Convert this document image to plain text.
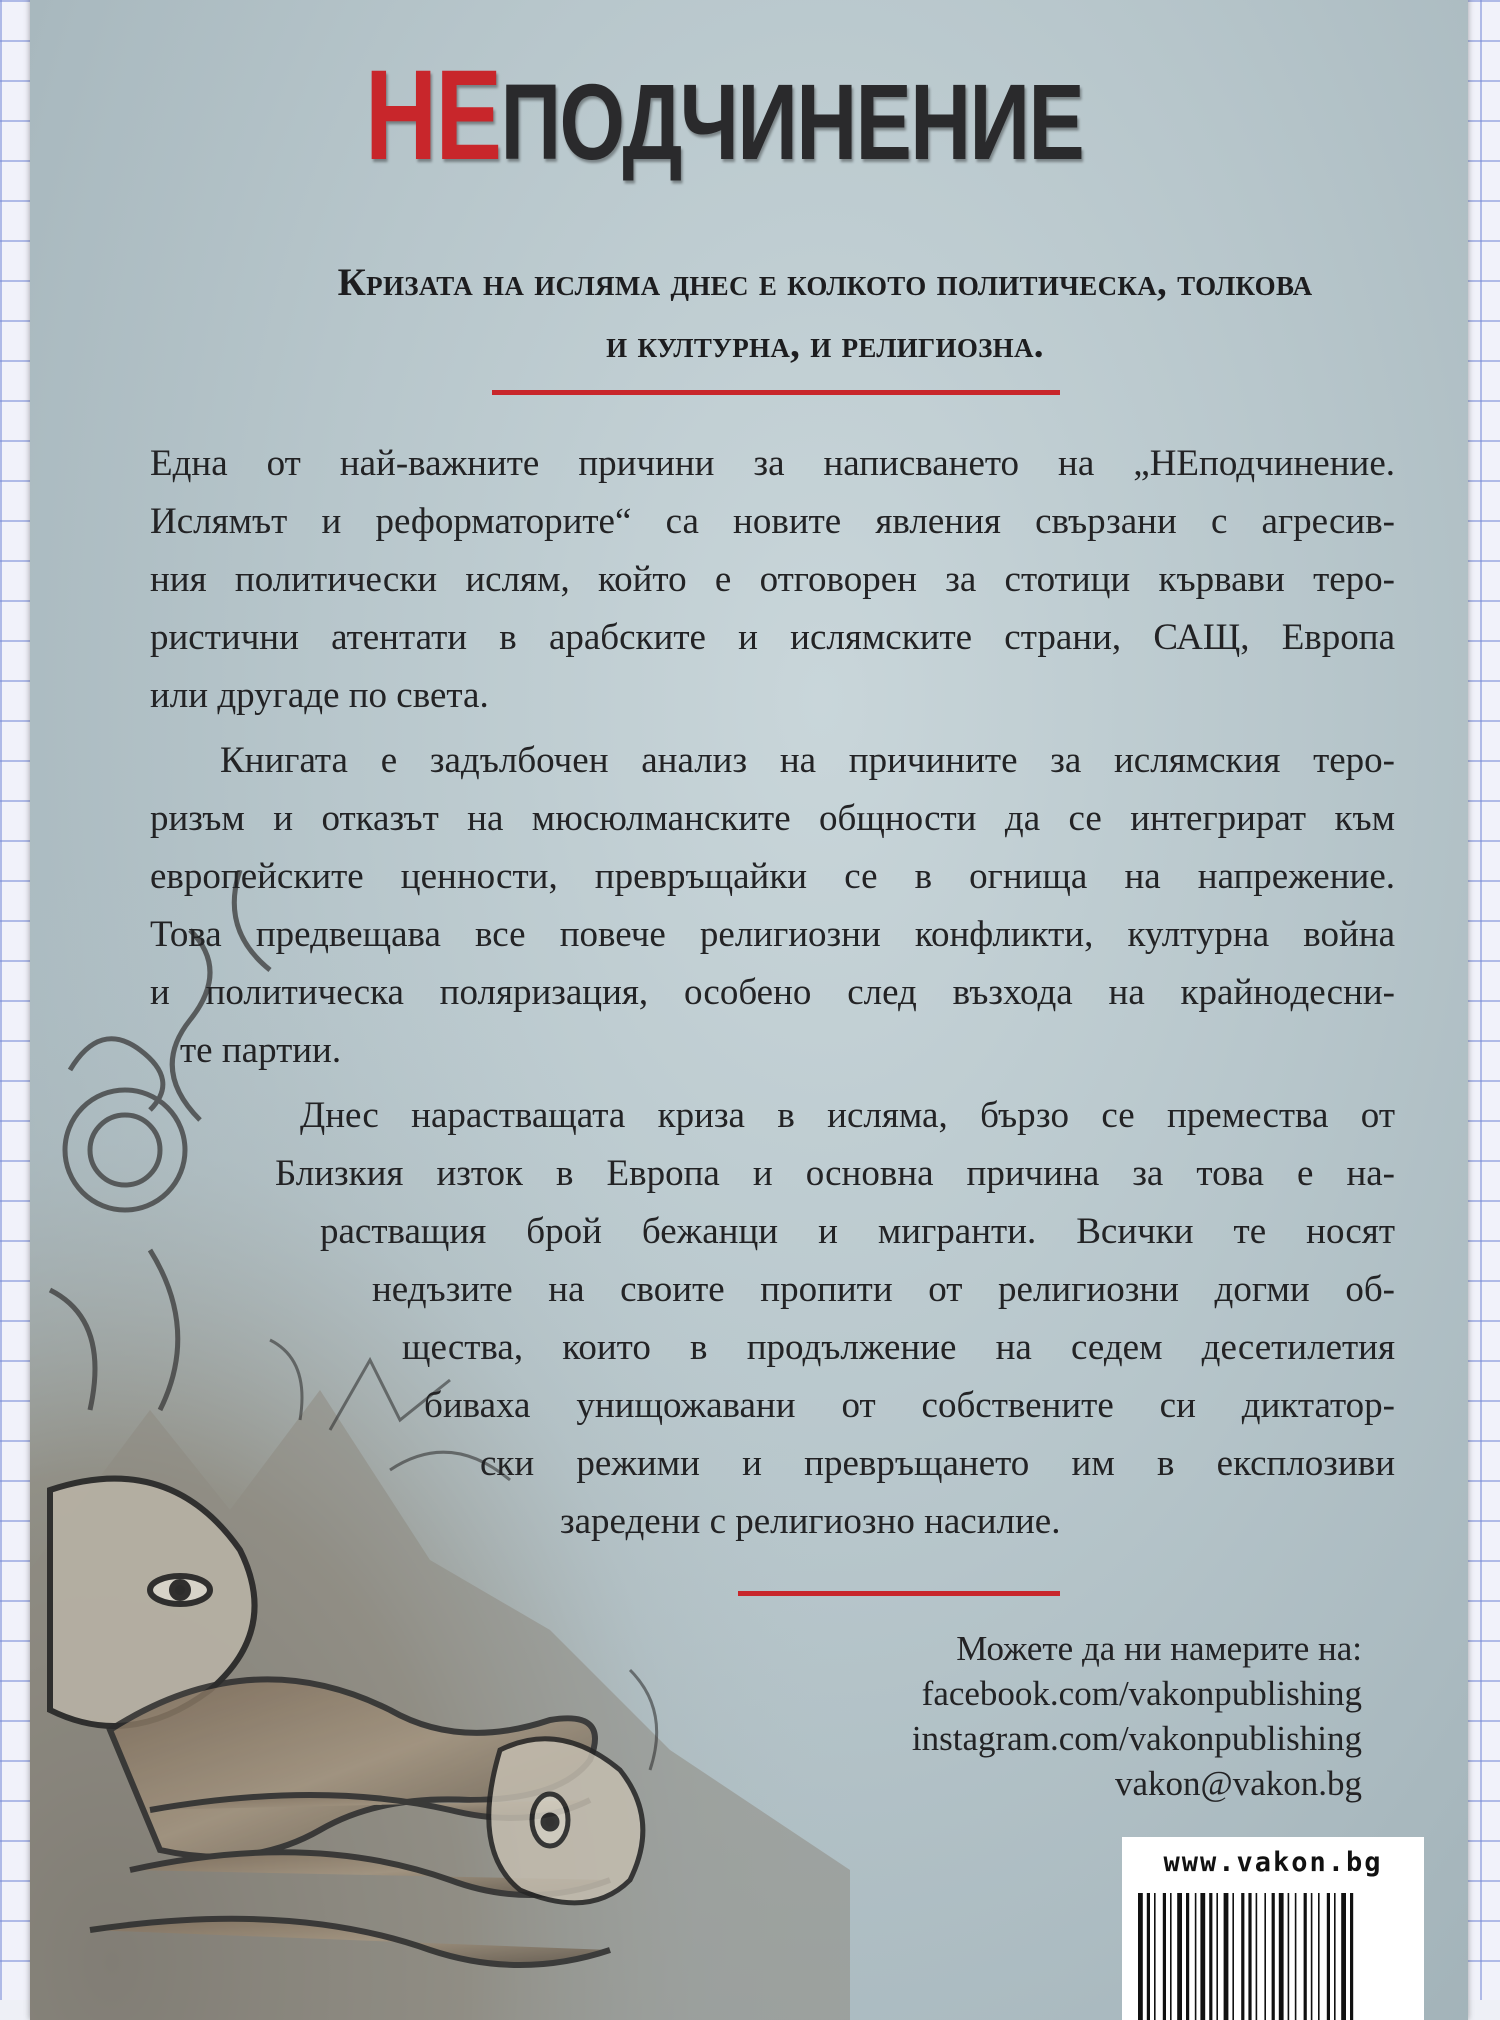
НЕПОДЧИНЕНИЕ
Кризата на исляма днес е колкото политическа, толкова
и културна, и религиозна.
Една от най-важните причини за написването на „НЕподчинение.
Ислямът и реформаторите“ са новите явления свързани с агресив-
ния политически ислям, който е отговорен за стотици кървави теро-
ристични атентати в арабските и ислямските страни, САЩ, Европа
или другаде по света.
Книгата е задълбочен анализ на причините за ислямския теро-
ризъм и отказът на мюсюлманските общности да се интегрират към
европейските ценности, превръщайки се в огнища на напрежение.
Това предвещава все повече религиозни конфликти, културна война
и политическа поляризация, особено след възхода на крайнодесни-
те партии.
Днес нарастващата криза в исляма, бързо се премества от
Близкия изток в Европа и основна причина за това е на-
растващия брой бежанци и мигранти. Всички те носят
недъзите на своите пропити от религиозни догми об-
щества, които в продължение на седем десетилетия
биваха унищожавани от собствените си диктатор-
ски режими и превръщането им в експлозиви
заредени с религиозно насилие.
Можете да ни намерите на:
facebook.com/vakonpublishing
instagram.com/vakonpublishing
vakon@vakon.bg
www.vakon.bg
